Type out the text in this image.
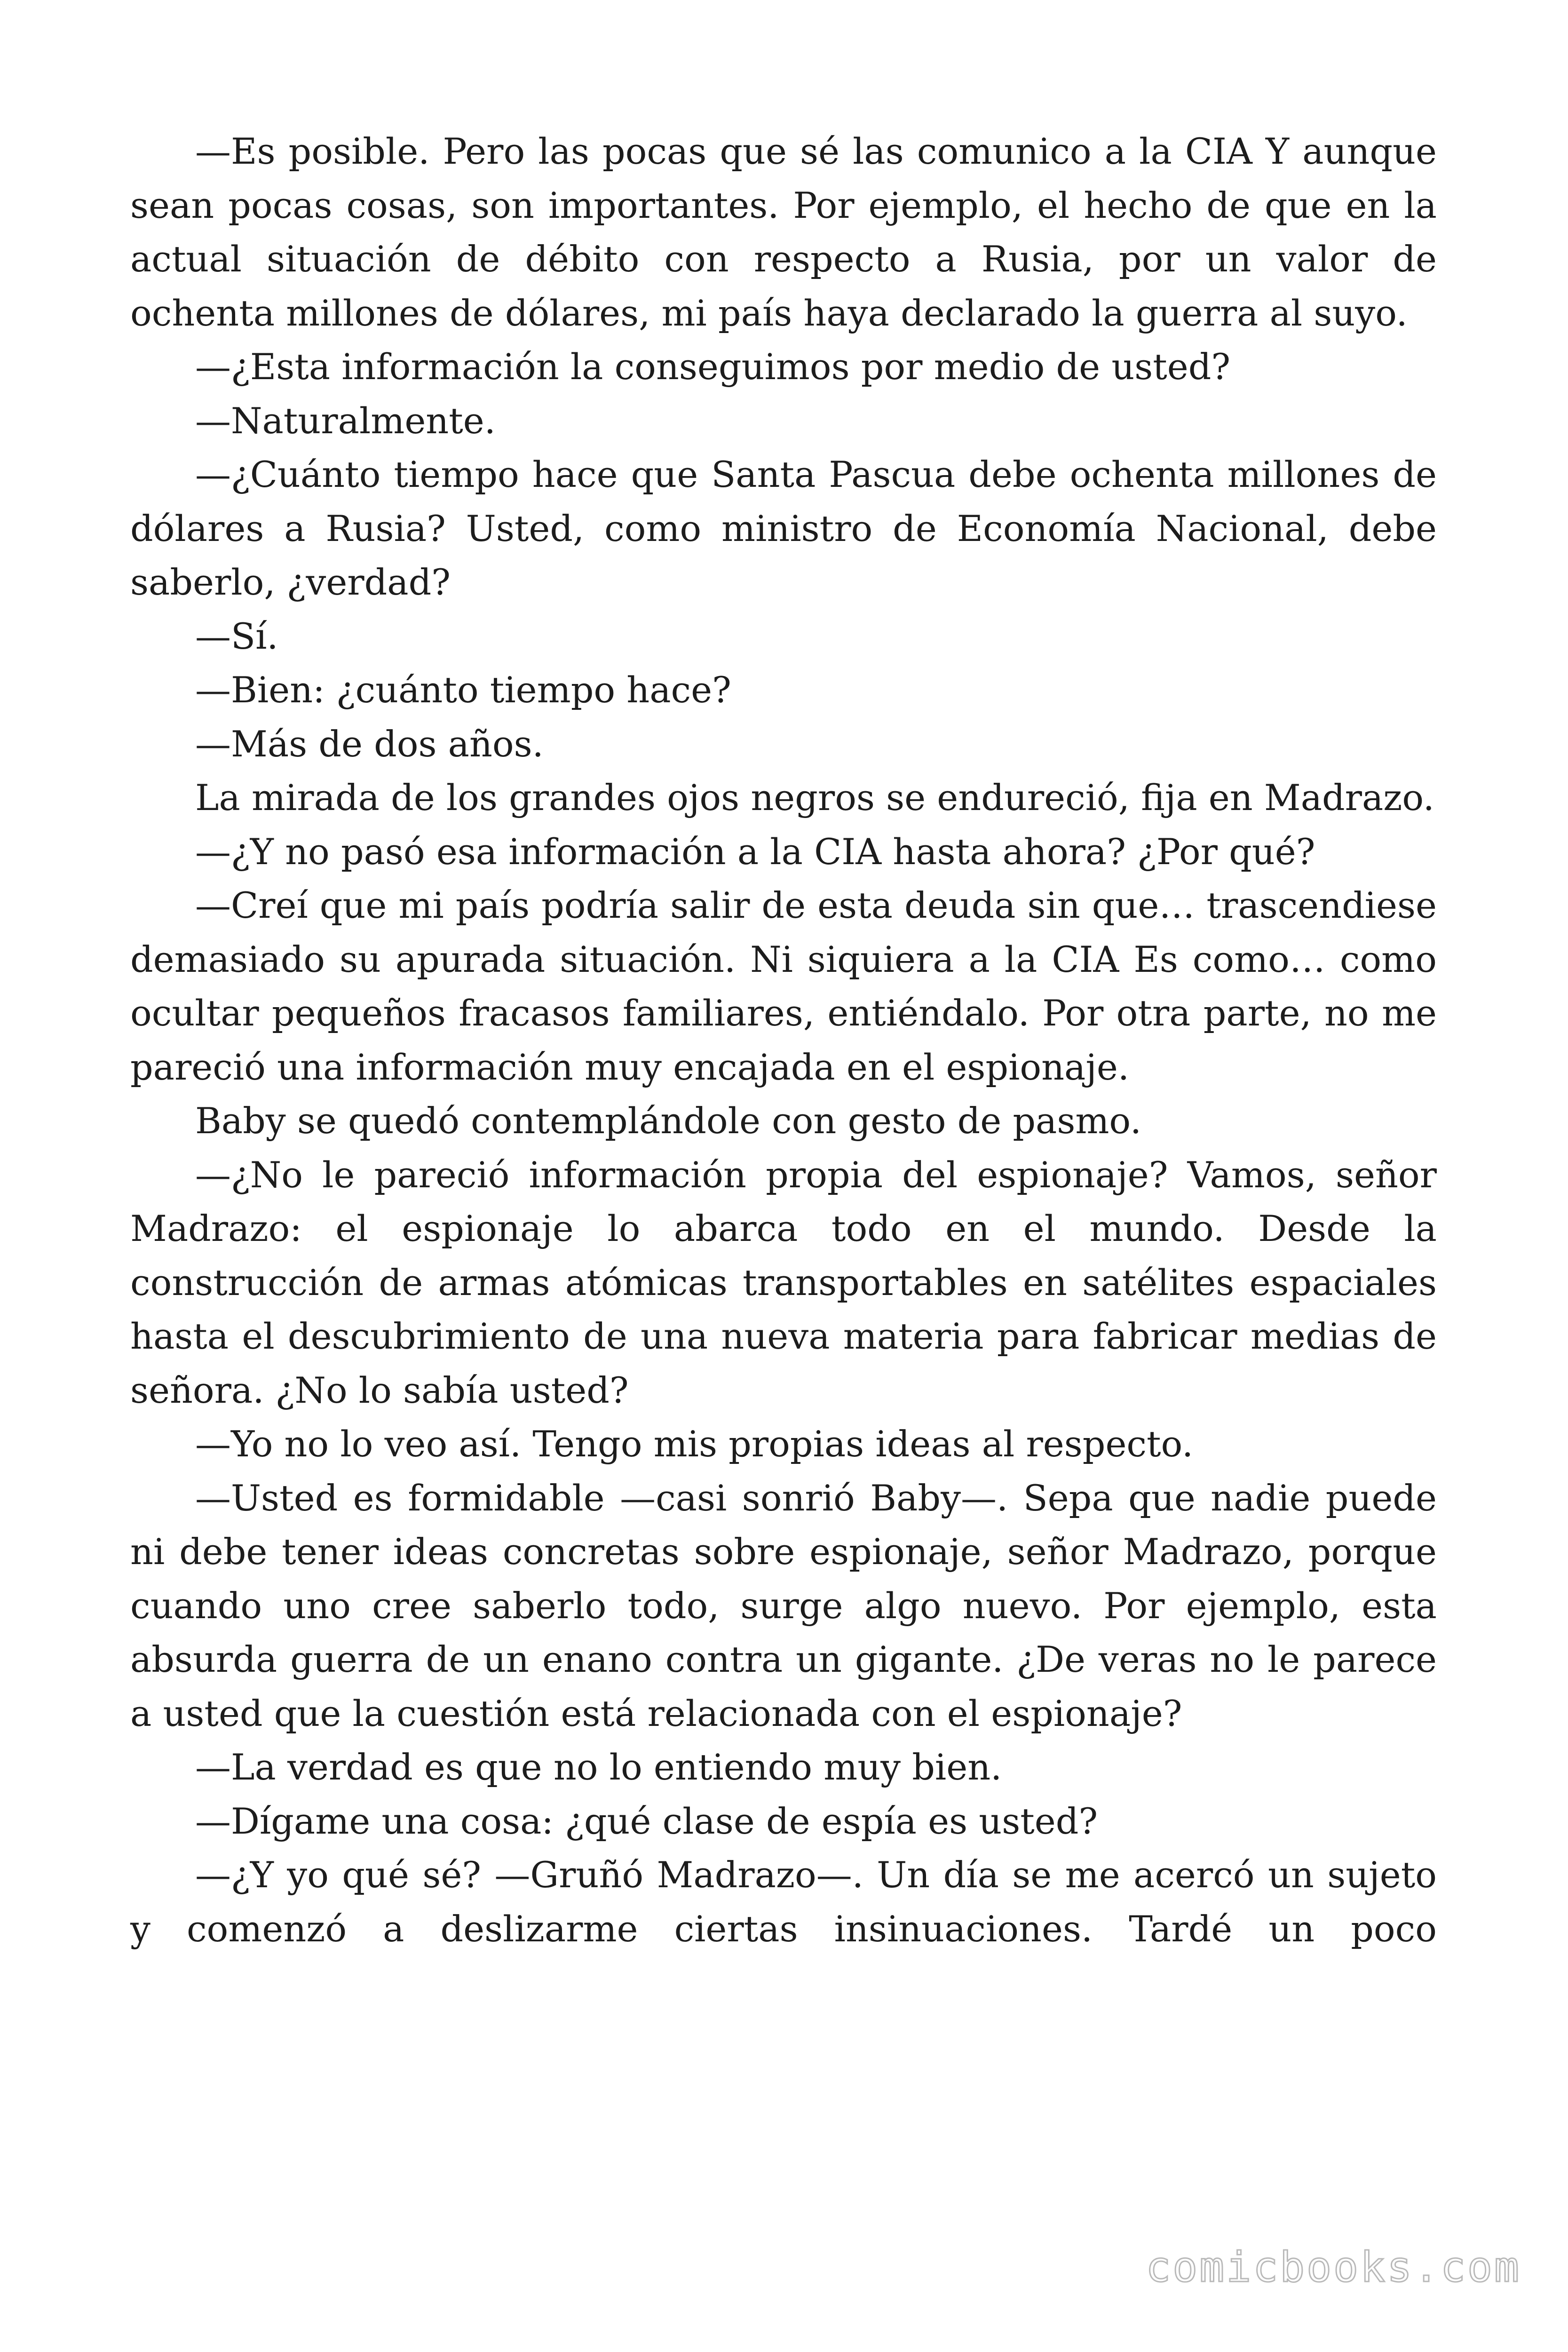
—Es posible. Pero las pocas que sé las comunico a la CIA Y aunque sean pocas cosas, son importantes. Por ejemplo, el hecho de que en la actual situación de débito con respecto a Rusia, por un valor de ochenta millones de dólares, mi país haya declarado la guerra al suyo.

—¿Esta información la conseguimos por medio de usted?

—Naturalmente.

—¿Cuánto tiempo hace que Santa Pascua debe ochenta millones de dólares a Rusia? Usted, como ministro de Economía Nacional, debe saberlo, ¿verdad?

—Sí.

—Bien: ¿cuánto tiempo hace?

—Más de dos años.

La mirada de los grandes ojos negros se endureció, fija en Madrazo.

—¿Y no pasó esa información a la CIA hasta ahora? ¿Por qué?

—Creí que mi país podría salir de esta deuda sin que… trascendiese demasiado su apurada situación. Ni siquiera a la CIA Es como… como ocultar pequeños fracasos familiares, entiéndalo. Por otra parte, no me pareció una información muy encajada en el espionaje.

Baby se quedó contemplándole con gesto de pasmo.

—¿No le pareció información propia del espionaje? Vamos, señor Madrazo: el espionaje lo abarca todo en el mundo. Desde la construcción de armas atómicas transportables en satélites espaciales hasta el descubrimiento de una nueva materia para fabricar medias de señora. ¿No lo sabía usted?

—Yo no lo veo así. Tengo mis propias ideas al respecto.

—Usted es formidable —casi sonrió Baby—. Sepa que nadie puede ni debe tener ideas concretas sobre espionaje, señor Madrazo, porque cuando uno cree saberlo todo, surge algo nuevo. Por ejemplo, esta absurda guerra de un enano contra un gigante. ¿De veras no le parece a usted que la cuestión está relacionada con el espionaje?

—La verdad es que no lo entiendo muy bien.

—Dígame una cosa: ¿qué clase de espía es usted?

—¿Y yo qué sé? —Gruñó Madrazo—. Un día se me acercó un sujeto y comenzó a deslizarme ciertas insinuaciones. Tardé un poco

comicbooks.com
